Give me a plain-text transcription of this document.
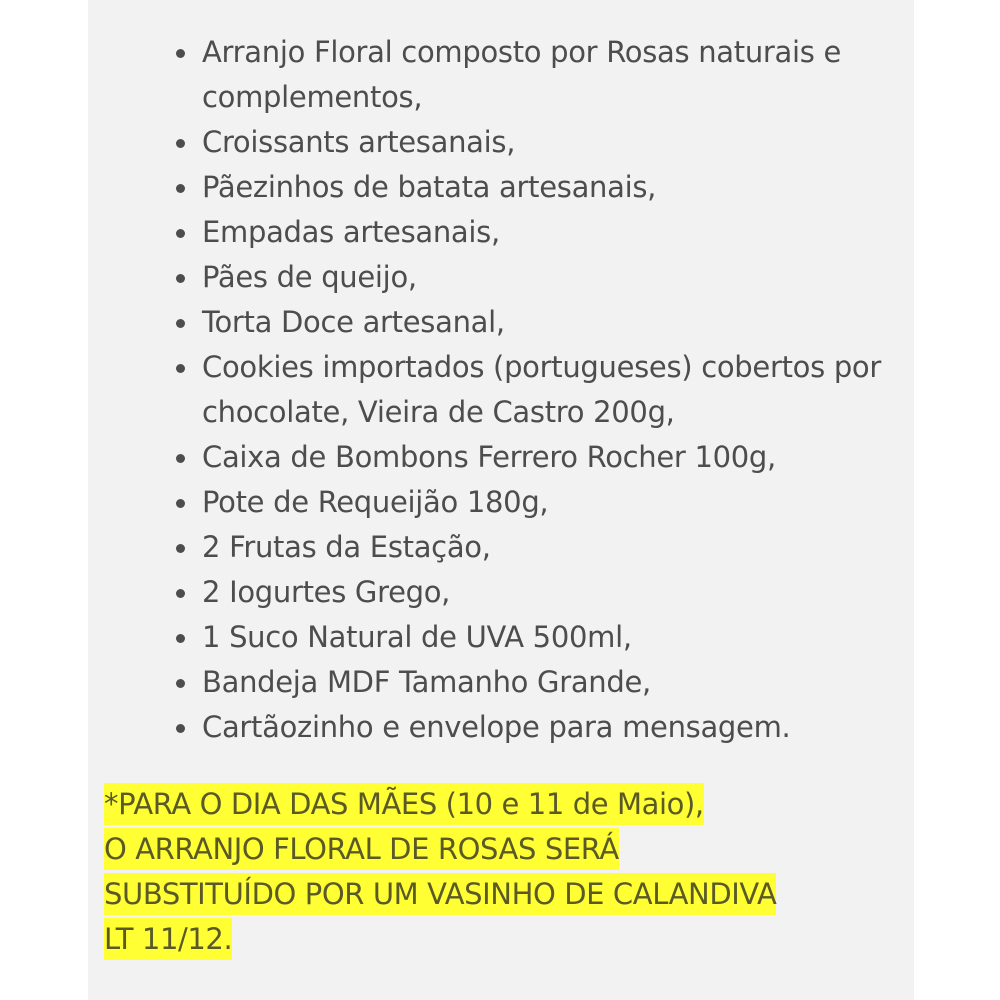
Arranjo Floral composto por Rosas naturais e complementos,
Croissants artesanais,
Pãezinhos de batata artesanais,
Empadas artesanais,
Pães de queijo,
Torta Doce artesanal,
Cookies importados (portugueses) cobertos por chocolate, Vieira de Castro 200g,
Caixa de Bombons Ferrero Rocher 100g,
Pote de Requeijão 180g,
2 Frutas da Estação,
2 Iogurtes Grego,
1 Suco Natural de UVA 500ml,
Bandeja MDF Tamanho Grande,
Cartãozinho e envelope para mensagem.
*PARA O DIA DAS MÃES (10 e 11 de Maio),
O ARRANJO FLORAL DE ROSAS SERÁ
SUBSTITUÍDO POR UM VASINHO DE CALANDIVA
LT 11/12.
